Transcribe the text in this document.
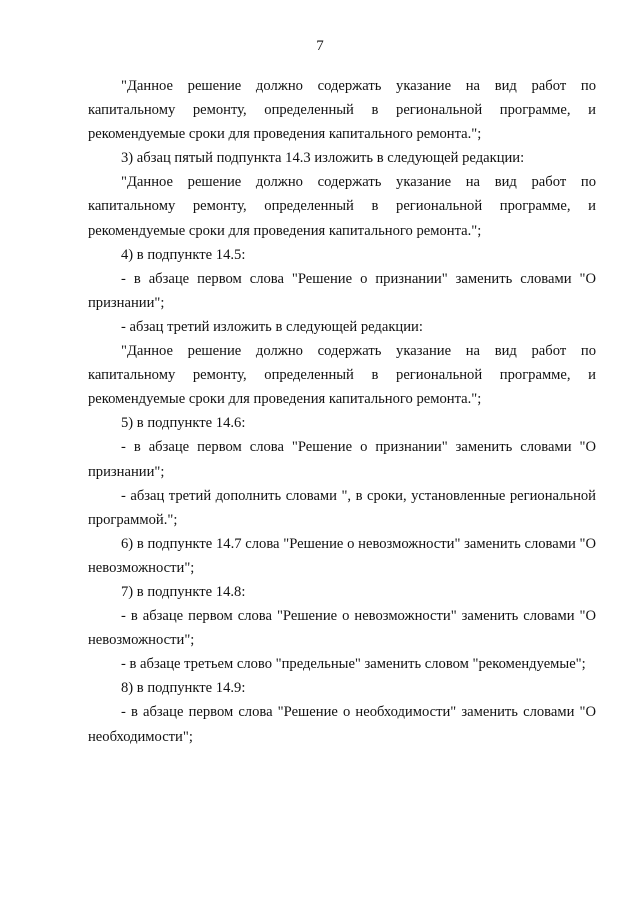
7

"Данное решение должно содержать указание на вид работ по капитальному ремонту, определенный в региональной программе, и рекомендуемые сроки для проведения капитального ремонта.";

3) абзац пятый подпункта 14.3 изложить в следующей редакции:

"Данное решение должно содержать указание на вид работ по капитальному ремонту, определенный в региональной программе, и рекомендуемые сроки для проведения капитального ремонта.";

4) в подпункте 14.5:

- в абзаце первом слова "Решение о признании" заменить словами "О признании";

- абзац третий изложить в следующей редакции:

"Данное решение должно содержать указание на вид работ по капитальному ремонту, определенный в региональной программе, и рекомендуемые сроки для проведения капитального ремонта.";

5) в подпункте 14.6:

- в абзаце первом слова "Решение о признании" заменить словами "О признании";

- абзац третий дополнить словами ", в сроки, установленные региональной программой.";

6) в подпункте 14.7 слова "Решение о невозможности" заменить словами "О невозможности";

7) в подпункте 14.8:

- в абзаце первом слова "Решение о невозможности" заменить словами "О невозможности";

- в абзаце третьем слово "предельные" заменить словом "рекомендуемые";

8) в подпункте 14.9:

- в абзаце первом слова "Решение о необходимости" заменить словами "О необходимости";
